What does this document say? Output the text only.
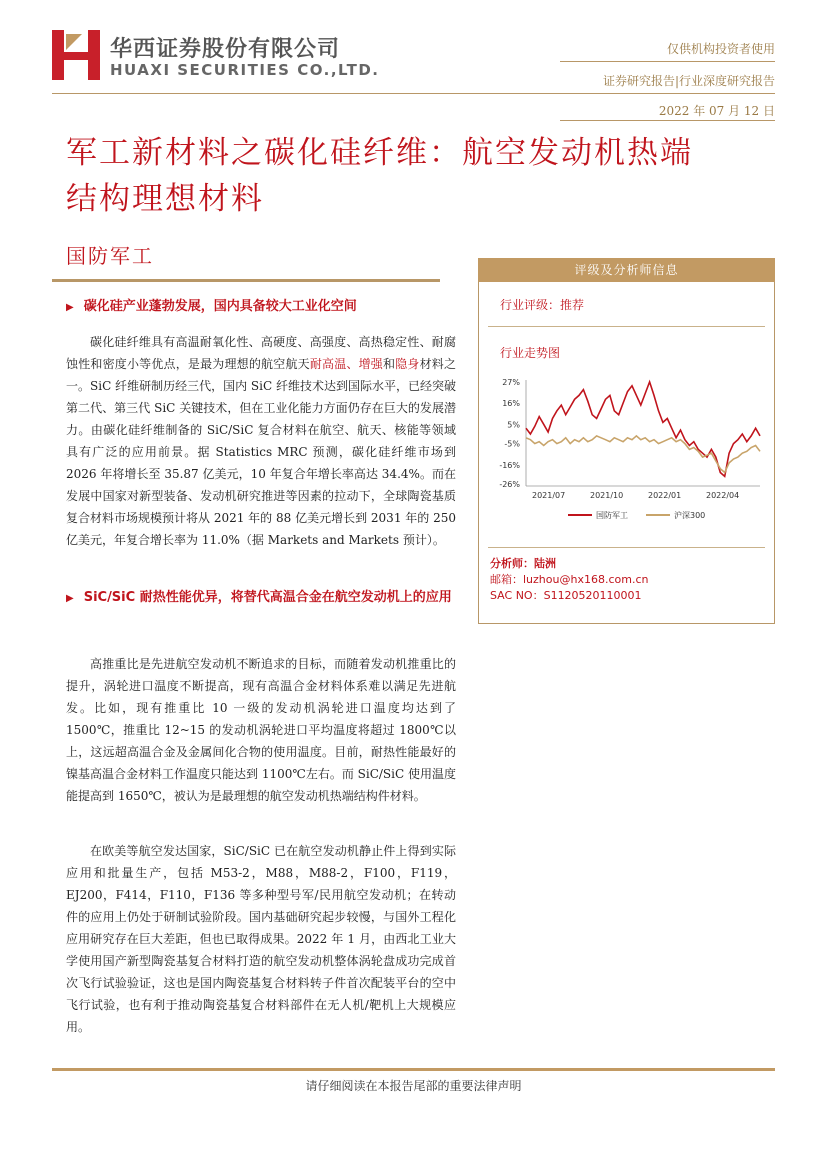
华西证券股份有限公司
HUAXI SECURITIES CO.,LTD.
仅供机构投资者使用
证券研究报告|行业深度研究报告
2022 年 07 月 12 日
军工新材料之碳化硅纤维：航空发动机热端
结构理想材料
国防军工
▶ 碳化硅产业蓬勃发展，国内具备较大工业化空间
碳化硅纤维具有高温耐氧化性、高硬度、高强度、高热稳定性、耐腐蚀性和密度小等优点，是最为理想的航空航天耐高温、增强和隐身材料之一。SiC 纤维研制历经三代，国内 SiC 纤维技术达到国际水平，已经突破第二代、第三代 SiC 关键技术，但在工业化能力方面仍存在巨大的发展潜力。由碳化硅纤维制备的 SiC/SiC 复合材料在航空、航天、核能等领域具有广泛的应用前景。据 Statistics MRC 预测，碳化硅纤维市场到 2026 年将增长至 35.87 亿美元，10 年复合年增长率高达 34.4%。而在发展中国家对新型装备、发动机研究推进等因素的拉动下，全球陶瓷基质复合材料市场规模预计将从 2021 年的 88 亿美元增长到 2031 年的 250 亿美元，年复合增长率为 11.0%（据 Markets and Markets 预计）。
▶ SiC/SiC 耐热性能优异，将替代高温合金在航空发动机上的应用
高推重比是先进航空发动机不断追求的目标，而随着发动机推重比的提升，涡轮进口温度不断提高，现有高温合金材料体系难以满足先进航发。比如，现有推重比 10 一级的发动机涡轮进口温度均达到了 1500℃，推重比 12~15 的发动机涡轮进口平均温度将超过 1800℃以上，这远超高温合金及金属间化合物的使用温度。目前，耐热性能最好的镍基高温合金材料工作温度只能达到 1100℃左右。而 SiC/SiC 使用温度能提高到 1650℃，被认为是最理想的航空发动机热端结构件材料。
在欧美等航空发达国家，SiC/SiC 已在航空发动机静止件上得到实际应用和批量生产，包括 M53-2，M88，M88-2，F100，F119，EJ200，F414，F110，F136 等多种型号军/民用航空发动机；在转动件的应用上仍处于研制试验阶段。国内基础研究起步较慢，与国外工程化应用研究存在巨大差距，但也已取得成果。2022 年 1 月，由西北工业大学使用国产新型陶瓷基复合材料打造的航空发动机整体涡轮盘成功完成首次飞行试验验证，这也是国内陶瓷基复合材料转子件首次配装平台的空中飞行试验，也有利于推动陶瓷基复合材料部件在无人机/靶机上大规模应用。
评级及分析师信息
行业评级：推荐
行业走势图
27%
16%
5%
-5%
-16%
-26%
2021/07	2021/10	2022/01	2022/04
国防军工	沪深300
分析师：陆洲
邮箱：luzhou@hx168.com.cn
SAC NO：S1120520110001
请仔细阅读在本报告尾部的重要法律声明
